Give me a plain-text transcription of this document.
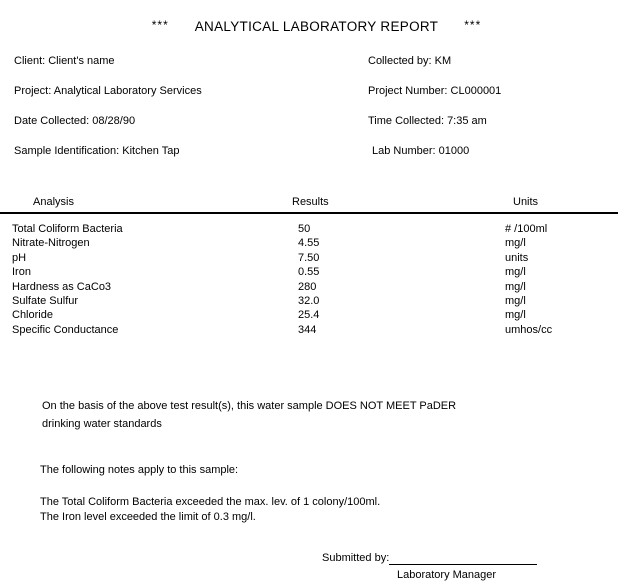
*** ANALYTICAL LABORATORY REPORT ***
Client: Client's name	Collected by: KM
Project: Analytical Laboratory Services	Project Number: CL000001
Date Collected: 08/28/90	Time Collected: 7:35 am
Sample Identification: Kitchen Tap	Lab Number: 01000
Analysis	Results	Units
Total Coliform Bacteria	50	# /100ml
Nitrate-Nitrogen	4.55	mg/l
pH	7.50	units
Iron	0.55	mg/l
Hardness as CaCo3	280	mg/l
Sulfate Sulfur	32.0	mg/l
Chloride	25.4	mg/l
Specific Conductance	344	umhos/cc
On the basis of the above test result(s), this water sample DOES NOT MEET PaDER
drinking water standards
The following notes apply to this sample:
The Total Coliform Bacteria exceeded the max. lev. of 1 colony/100ml.
The Iron level exceeded the limit of 0.3 mg/l.
Submitted by:
Laboratory Manager
